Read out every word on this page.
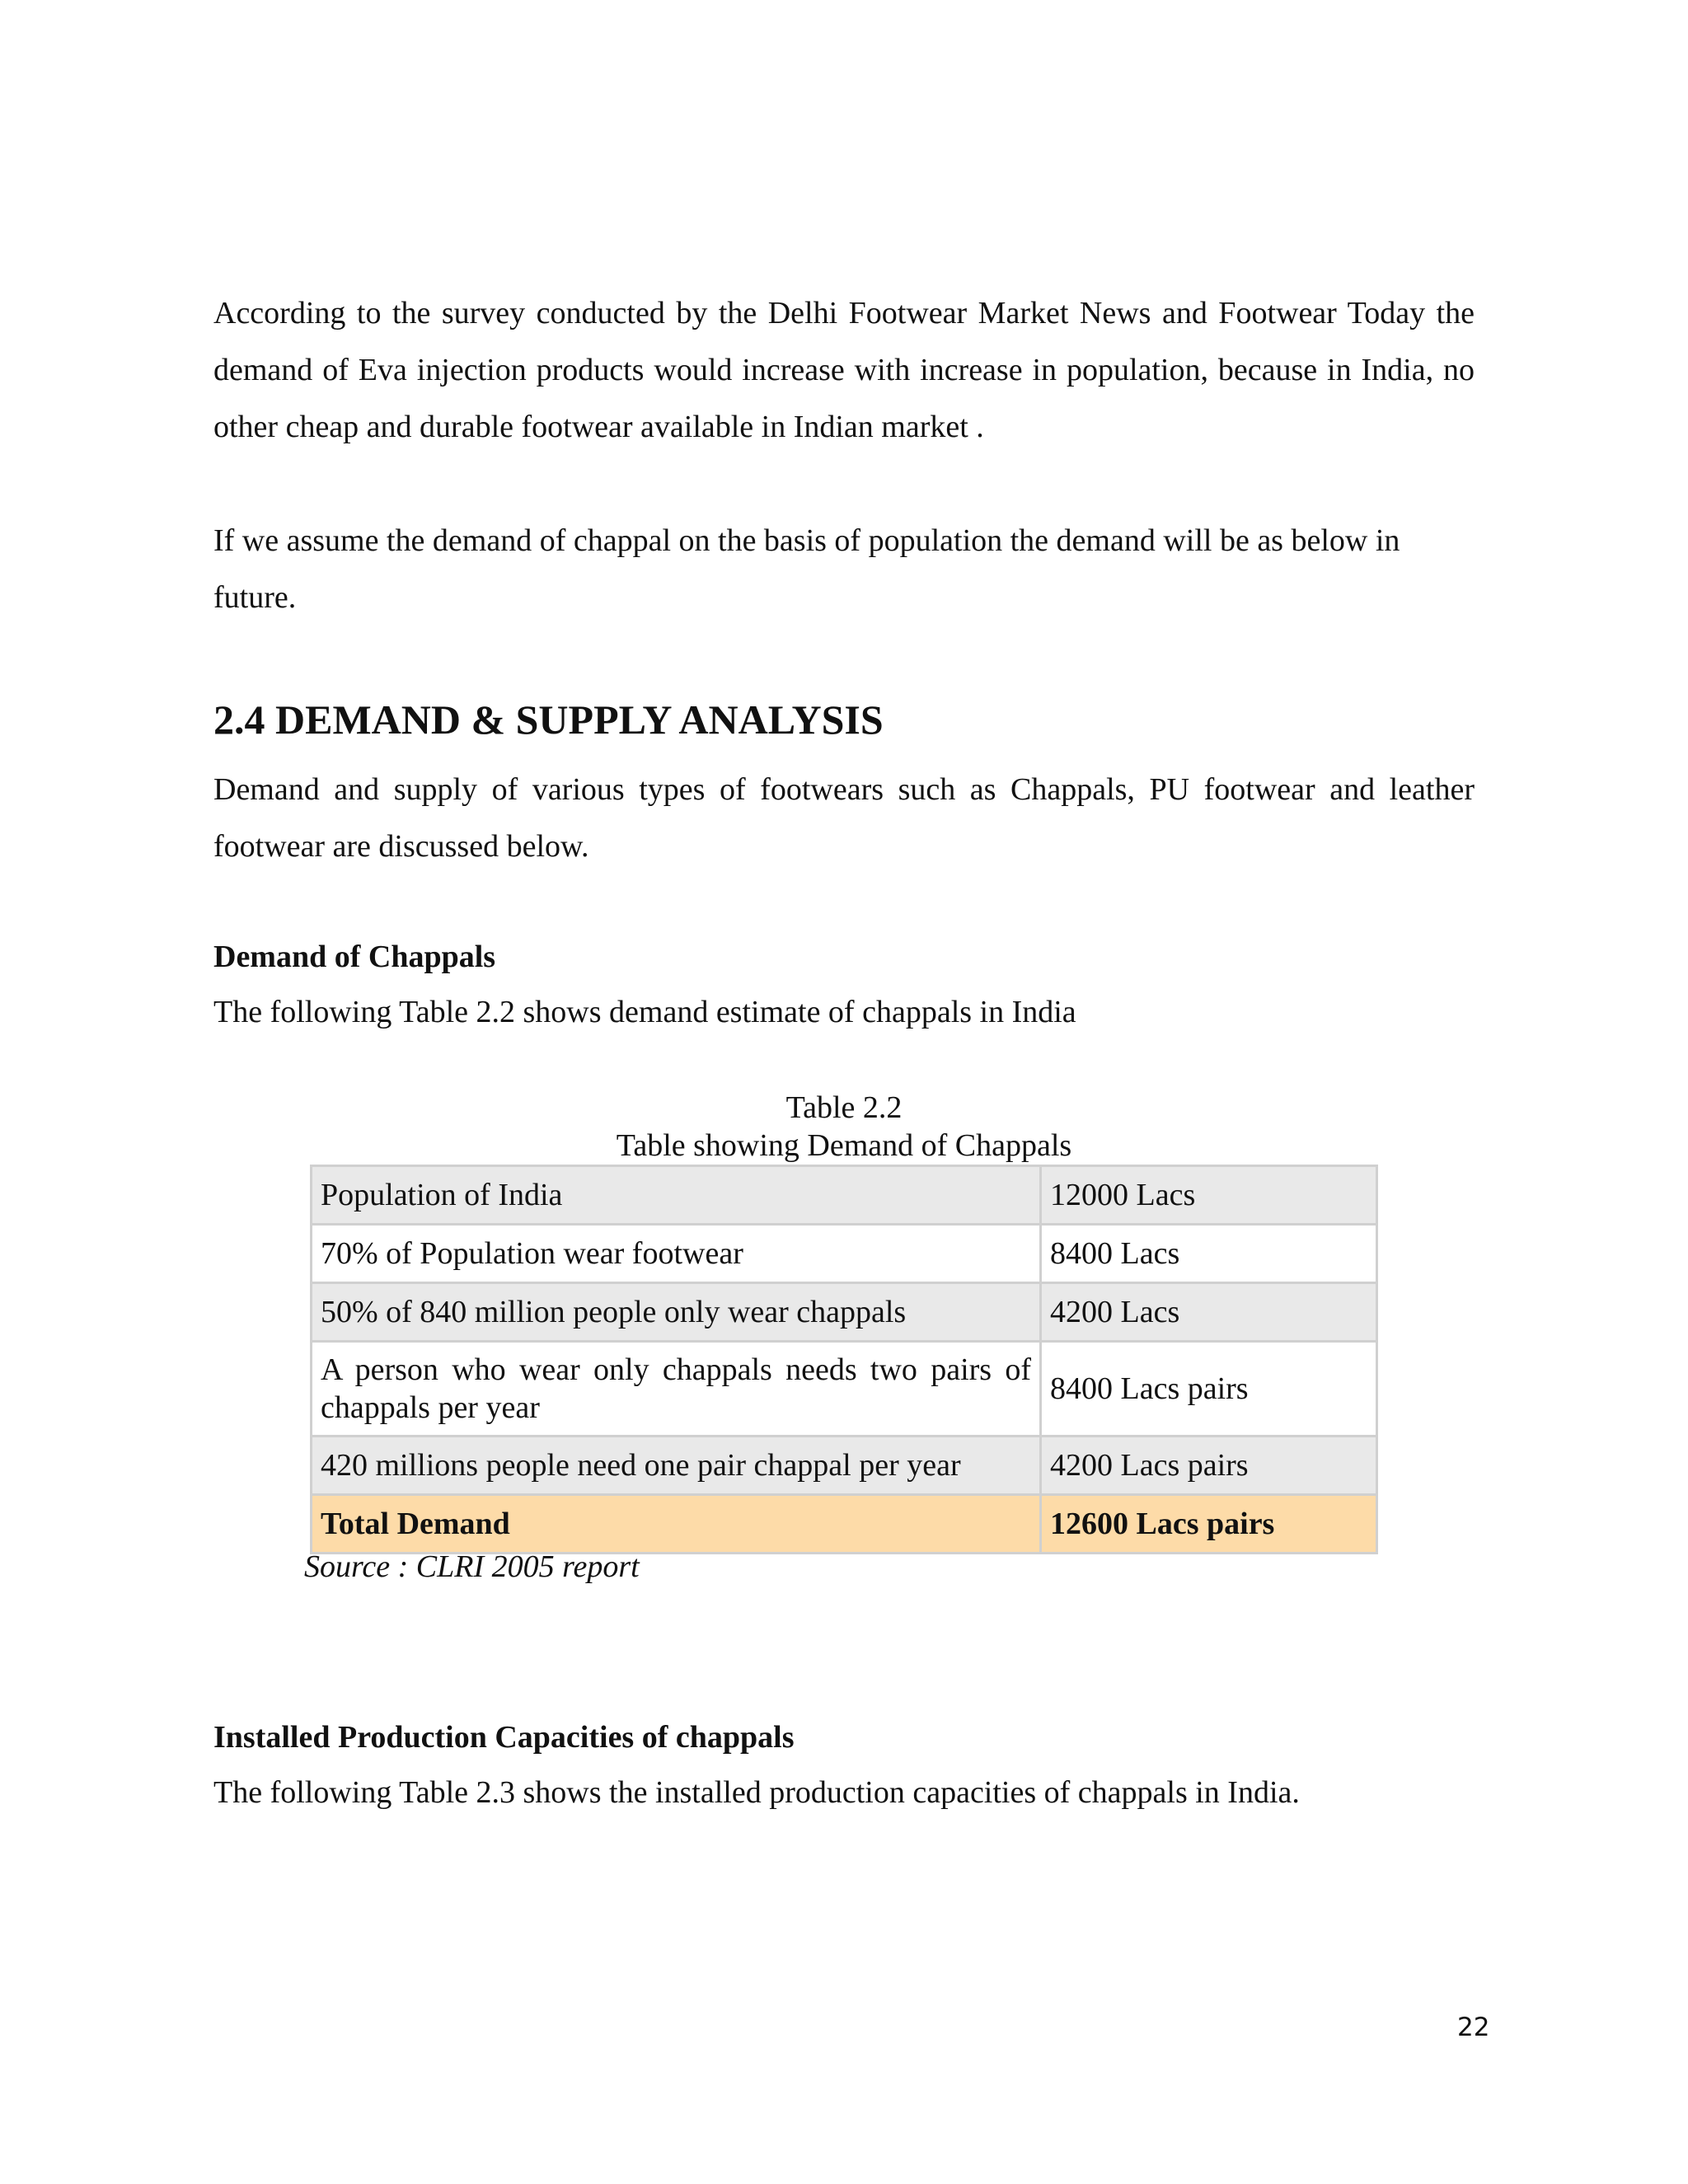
According to the survey conducted by the Delhi Footwear Market News and Footwear Today the demand of Eva injection products would increase with increase in population, because in India, no other cheap and durable footwear available in Indian market .

If we assume the demand of chappal on the basis of population the demand will be as below in future.

2.4 DEMAND & SUPPLY ANALYSIS

Demand and supply of various types of footwears such as Chappals, PU footwear and leather footwear are discussed below.

Demand of Chappals

The following Table 2.2 shows demand estimate of chappals in India

Table 2.2

Table showing Demand of Chappals

Population of India	12000 Lacs
70% of Population wear footwear	8400 Lacs
50% of 840 million people only wear chappals	4200 Lacs
A person who wear only chappals needs two pairs of chappals per year	8400 Lacs pairs
420 millions people need one pair chappal per year	4200 Lacs pairs
Total Demand	12600 Lacs pairs

Source : CLRI 2005 report

Installed Production Capacities of chappals

The following Table 2.3 shows the installed production capacities of chappals in India.

22
